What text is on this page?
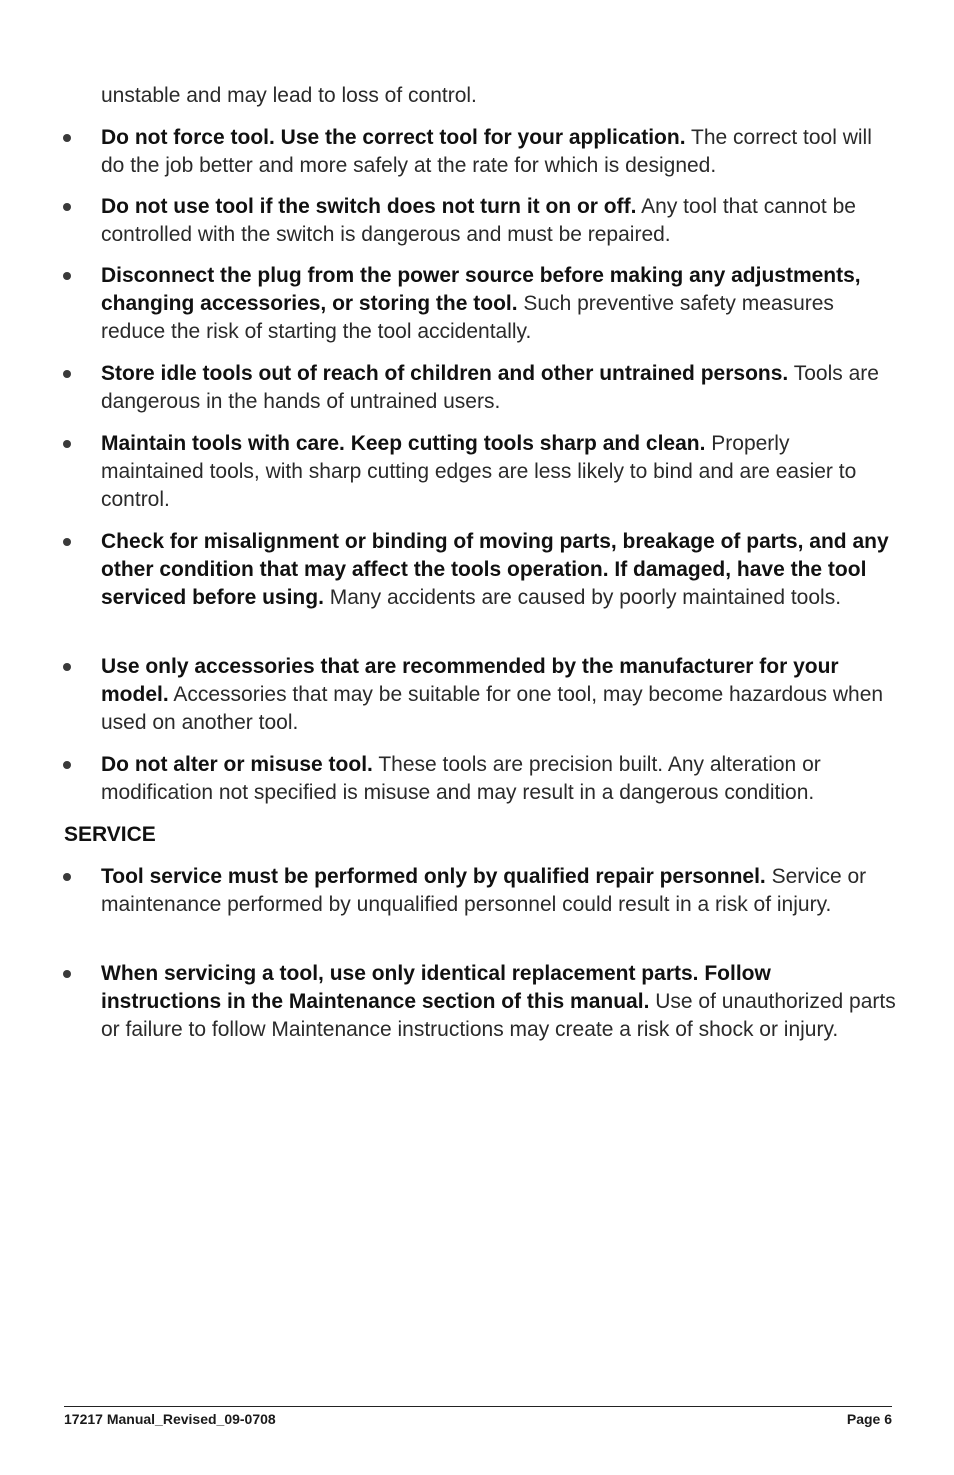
unstable and may lead to loss of control.
Do not force tool. Use the correct tool for your application. The correct tool will do the job better and more safely at the rate for which is designed.
Do not use tool if the switch does not turn it on or off. Any tool that cannot be controlled with the switch is dangerous and must be repaired.
Disconnect the plug from the power source before making any adjustments, changing accessories, or storing the tool. Such preventive safety measures reduce the risk of starting the tool accidentally.
Store idle tools out of reach of children and other untrained persons. Tools are dangerous in the hands of untrained users.
Maintain tools with care. Keep cutting tools sharp and clean. Properly maintained tools, with sharp cutting edges are less likely to bind and are easier to control.
Check for misalignment or binding of moving parts, breakage of parts, and any other condition that may affect the tools operation. If damaged, have the tool serviced before using. Many accidents are caused by poorly maintained tools.
Use only accessories that are recommended by the manufacturer for your model. Accessories that may be suitable for one tool, may become hazardous when used on another tool.
Do not alter or misuse tool. These tools are precision built. Any alteration or modification not specified is misuse and may result in a dangerous condition.
SERVICE
Tool service must be performed only by qualified repair personnel. Service or maintenance performed by unqualified personnel could result in a risk of injury.
When servicing a tool, use only identical replacement parts. Follow instructions in the Maintenance section of this manual. Use of unauthorized parts or failure to follow Maintenance instructions may create a risk of shock or injury.
17217 Manual_Revised_09-0708	Page 6
